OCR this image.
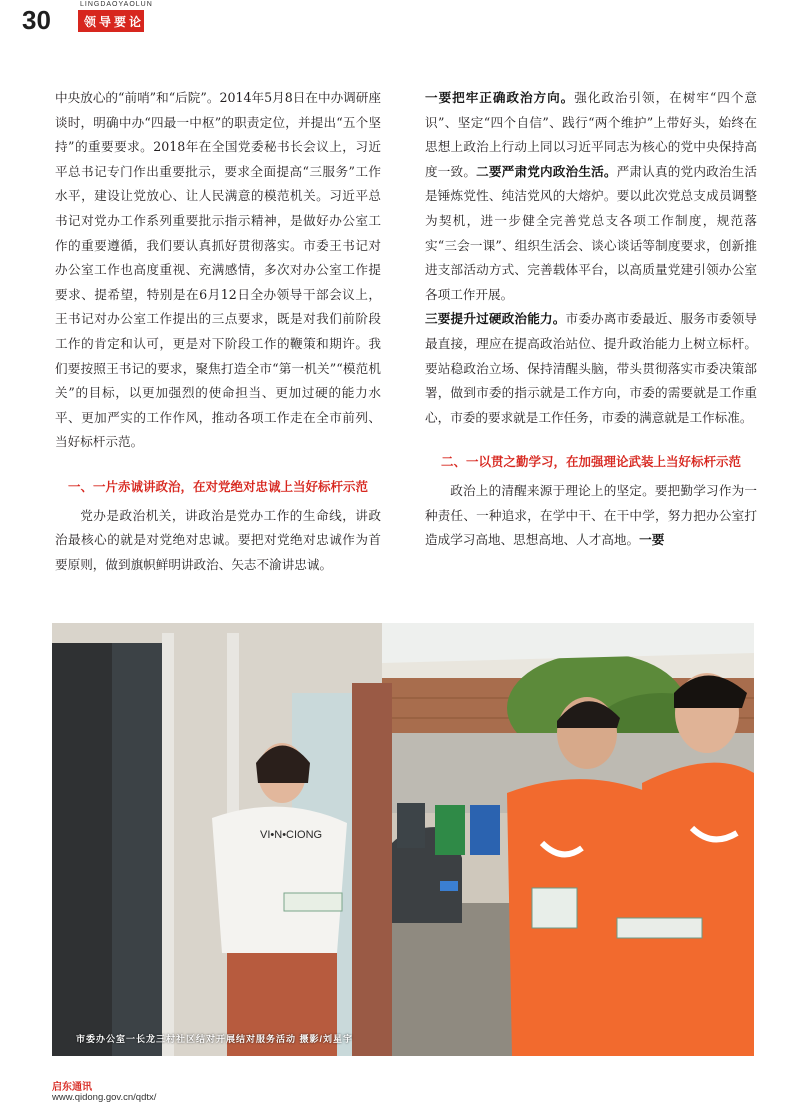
30
LINGDAOYAOLUN
领导要论

中央放心的“前哨”和“后院”。2014年5月8日在中办调研座谈时，明确中办“四最一中枢”的职责定位，并提出“五个坚持”的重要要求。2018年在全国党委秘书长会议上，习近平总书记专门作出重要批示，要求全面提高“三服务”工作水平，建设让党放心、让人民满意的模范机关。习近平总书记对党办工作系列重要批示指示精神，是做好办公室工作的重要遵循，我们要认真抓好贯彻落实。市委王书记对办公室工作也高度重视、充满感情，多次对办公室工作提要求、提希望，特别是在6月12日全办领导干部会议上，王书记对办公室工作提出的三点要求，既是对我们前阶段工作的肯定和认可，更是对下阶段工作的鞭策和期许。我们要按照王书记的要求，聚焦打造全市“第一机关”“模范机关”的目标，以更加强烈的使命担当、更加过硬的能力水平、更加严实的工作作风，推动各项工作走在全市前列、当好标杆示范。

一、一片赤诚讲政治，在对党绝对忠诚上当好标杆示范

党办是政治机关，讲政治是党办工作的生命线，讲政治最核心的就是对党绝对忠诚。要把对党绝对忠诚作为首要原则，做到旗帜鲜明讲政治、矢志不渝讲忠诚。

一要把牢正确政治方向。强化政治引领，在树牢“四个意识”、坚定“四个自信”、践行“两个维护”上带好头，始终在思想上政治上行动上同以习近平同志为核心的党中央保持高度一致。二要严肃党内政治生活。严肃认真的党内政治生活是锤炼党性、纯洁党风的大熔炉。要以此次党总支成员调整为契机，进一步健全完善党总支各项工作制度，规范落实“三会一课”、组织生活会、谈心谈话等制度要求，创新推进支部活动方式、完善载体平台，以高质量党建引领办公室各项工作开展。

三要提升过硬政治能力。市委办离市委最近、服务市委领导最直接，理应在提高政治站位、提升政治能力上树立标杆。要站稳政治立场、保持清醒头脑，带头贯彻落实市委决策部署，做到市委的指示就是工作方向，市委的需要就是工作重心，市委的要求就是工作任务，市委的满意就是工作标准。

二、一以贯之勤学习，在加强理论武装上当好标杆示范

政治上的清醒来源于理论上的坚定。要把勤学习作为一种责任、一种追求，在学中干、在干中学，努力把办公室打造成学习高地、思想高地、人才高地。一要

VI•N•CIONG
市委办公室一长龙三村社区结对开展结对服务活动 摄影/刘星宇
启东通讯
www.qidong.gov.cn/qdtx/
